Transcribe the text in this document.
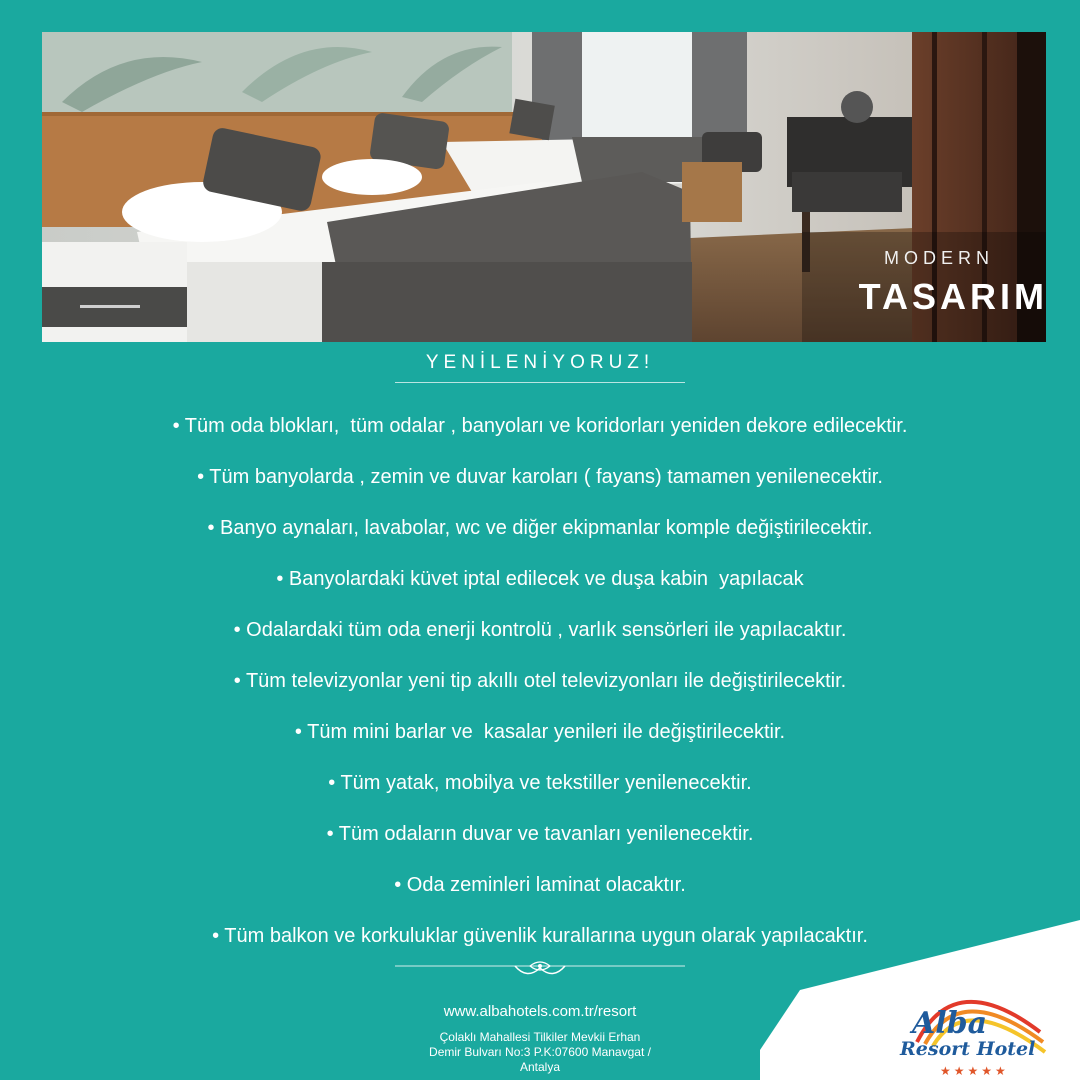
MODERN
TASARIM
YENİLENİYORUZ!
• Tüm oda blokları,  tüm odalar , banyoları ve koridorları yeniden dekore edilecektir.
• Tüm banyolarda , zemin ve duvar karoları ( fayans) tamamen yenilenecektir.
• Banyo aynaları, lavabolar, wc ve diğer ekipmanlar komple değiştirilecektir.
• Banyolardaki küvet iptal edilecek ve duşa kabin  yapılacak
• Odalardaki tüm oda enerji kontrolü , varlık sensörleri ile yapılacaktır.
• Tüm televizyonlar yeni tip akıllı otel televizyonları ile değiştirilecektir.
• Tüm mini barlar ve  kasalar yenileri ile değiştirilecektir.
• Tüm yatak, mobilya ve tekstiller yenilenecektir.
• Tüm odaların duvar ve tavanları yenilenecektir.
• Oda zeminleri laminat olacaktır.
• Tüm balkon ve korkuluklar güvenlik kurallarına uygun olarak yapılacaktır.
www.albahotels.com.tr/resort
Çolaklı Mahallesi Tilkiler Mevkii Erhan
Demir Bulvarı No:3 P.K:07600 Manavgat /
Antalya
Alba
Resort Hotel
★★★★★
